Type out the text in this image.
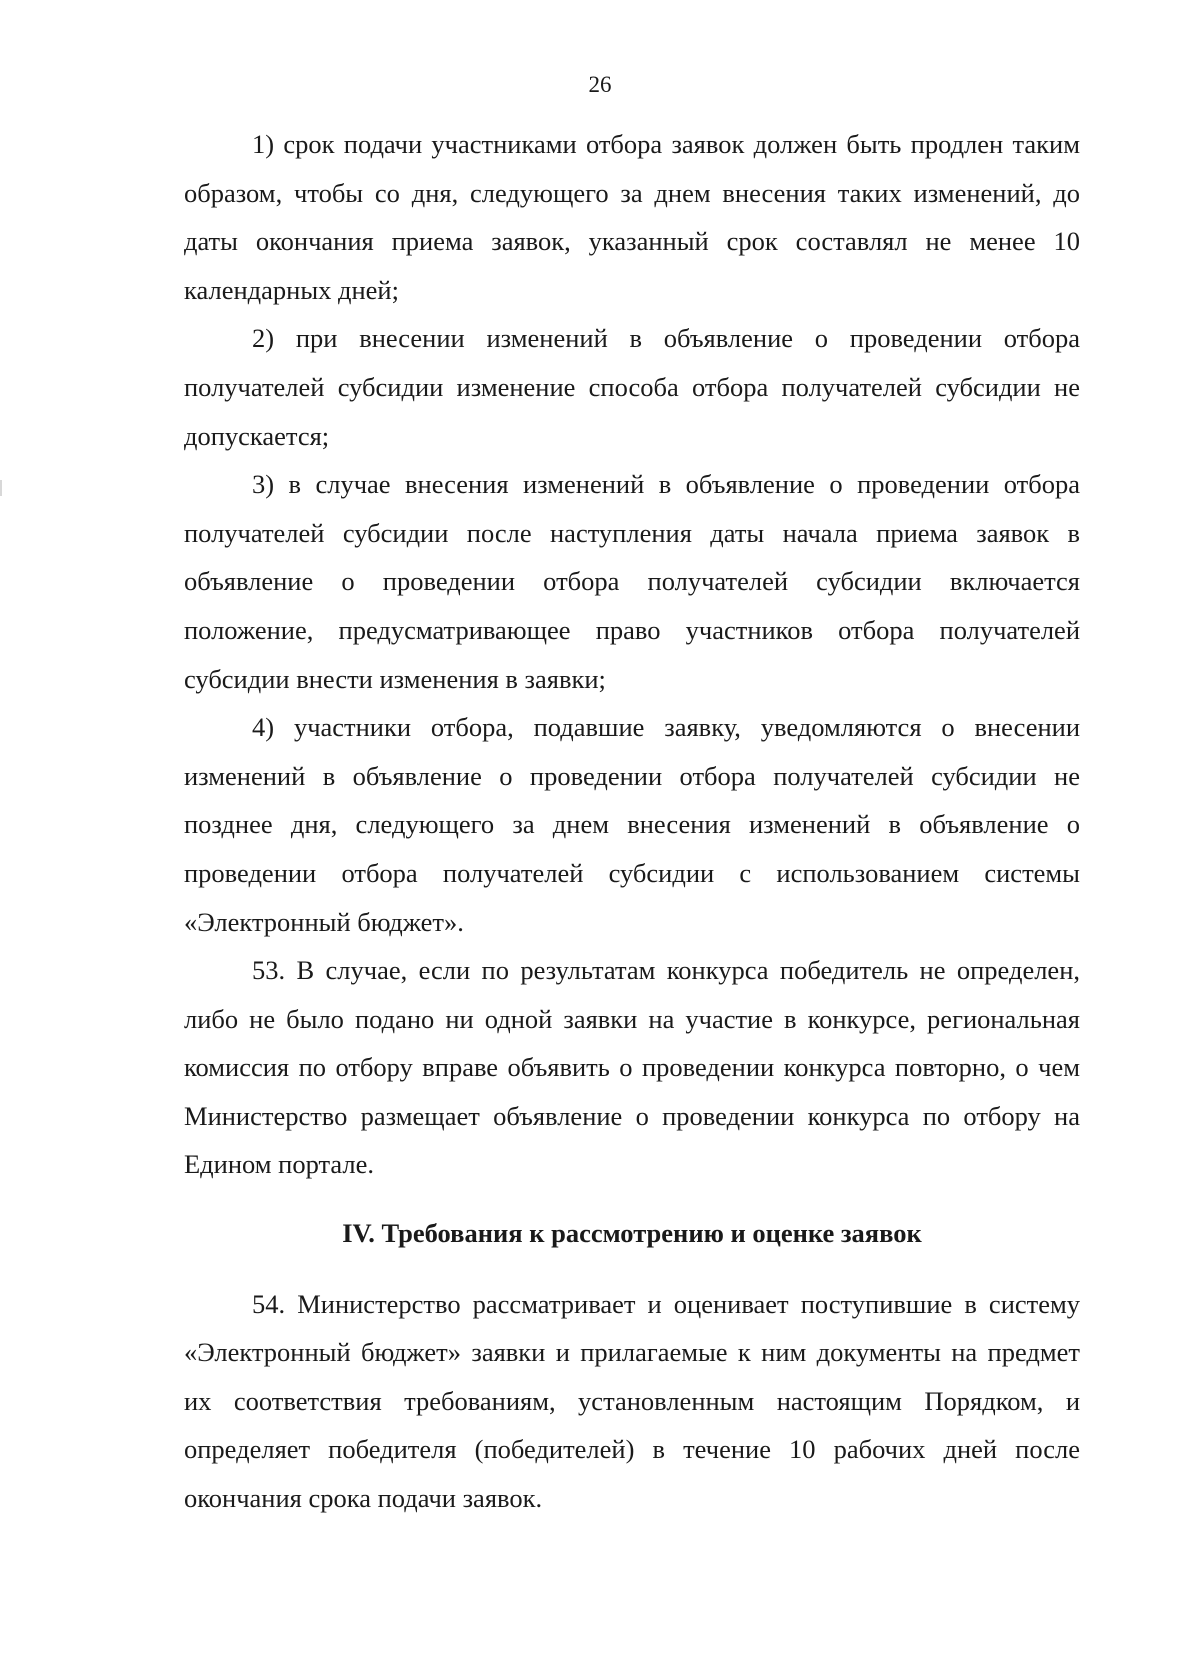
26

1) срок подачи участниками отбора заявок должен быть продлен таким образом, чтобы со дня, следующего за днем внесения таких изменений, до даты окончания приема заявок, указанный срок составлял не менее 10 календарных дней;

2) при внесении изменений в объявление о проведении отбора получателей субсидии изменение способа отбора получателей субсидии не допускается;

3) в случае внесения изменений в объявление о проведении отбора получателей субсидии после наступления даты начала приема заявок в объявление о проведении отбора получателей субсидии включается положение, предусматривающее право участников отбора получателей субсидии внести изменения в заявки;

4) участники отбора, подавшие заявку, уведомляются о внесении изменений в объявление о проведении отбора получателей субсидии не позднее дня, следующего за днем внесения изменений в объявление о проведении отбора получателей субсидии с использованием системы «Электронный бюджет».

53. В случае, если по результатам конкурса победитель не определен, либо не было подано ни одной заявки на участие в конкурсе, региональная комиссия по отбору вправе объявить о проведении конкурса повторно, о чем Министерство размещает объявление о проведении конкурса по отбору на Едином портале.

IV. Требования к рассмотрению и оценке заявок

54. Министерство рассматривает и оценивает поступившие в систему «Электронный бюджет» заявки и прилагаемые к ним документы на предмет их соответствия требованиям, установленным настоящим Порядком, и определяет победителя (победителей) в течение 10 рабочих дней после окончания срока подачи заявок.
